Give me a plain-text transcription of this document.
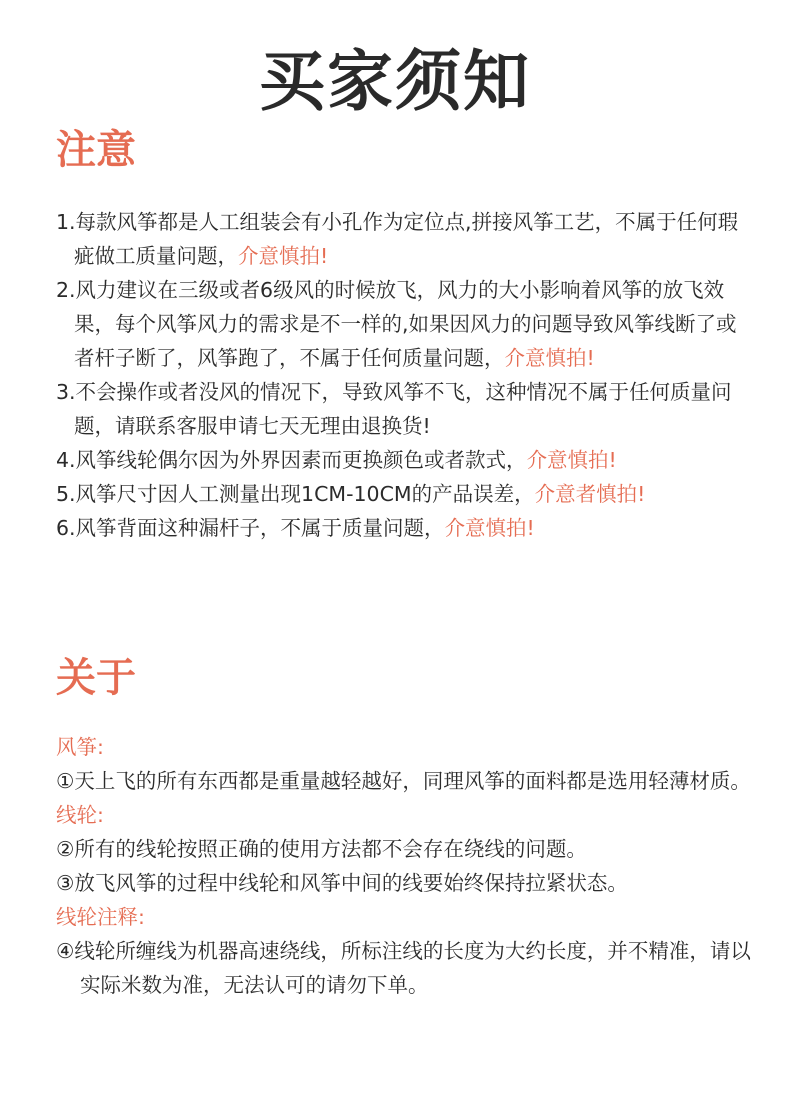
买家须知
注意

1.每款风筝都是人工组装会有小孔作为定位点,拼接风筝工艺，不属于任何瑕疵做工质量问题，介意慎拍!

2.风力建议在三级或者6级风的时候放飞，风力的大小影响着风筝的放飞效果，每个风筝风力的需求是不一样的,如果因风力的问题导致风筝线断了或者杆子断了，风筝跑了，不属于任何质量问题，介意慎拍!

3.不会操作或者没风的情况下，导致风筝不飞，这种情况不属于任何质量问题，请联系客服申请七天无理由退换货!

4.风筝线轮偶尔因为外界因素而更换颜色或者款式，介意慎拍!

5.风筝尺寸因人工测量出现1CM-10CM的产品误差，介意者慎拍!

6.风筝背面这种漏杆子，不属于质量问题，介意慎拍!

关于

风筝:

①天上飞的所有东西都是重量越轻越好，同理风筝的面料都是选用轻薄材质。

线轮:

②所有的线轮按照正确的使用方法都不会存在绕线的问题。

③放飞风筝的过程中线轮和风筝中间的线要始终保持拉紧状态。

线轮注释:

④线轮所缠线为机器高速绕线，所标注线的长度为大约长度，并不精准，请以实际米数为准，无法认可的请勿下单。
